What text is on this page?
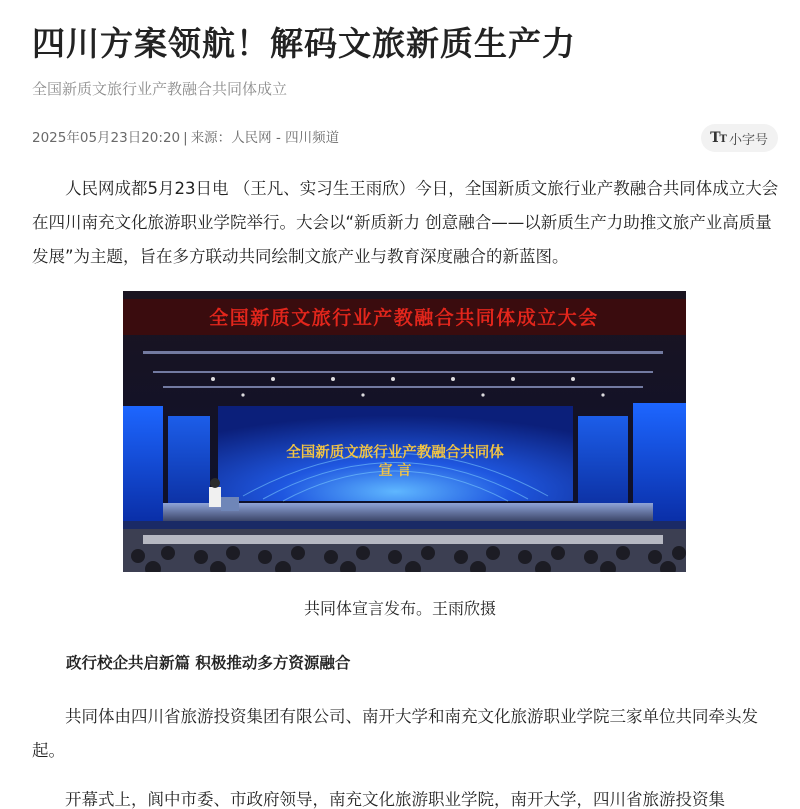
四川方案领航！解码文旅新质生产力
全国新质文旅行业产教融合共同体成立
2025年05月23日20:20 | 来源：人民网 - 四川频道	TT 小字号

人民网成都5月23日电 （王凡、实习生王雨欣）今日，全国新质文旅行业产教融合共同体成立大会在四川南充文化旅游职业学院举行。大会以“新质新力 创意融合——以新质生产力助推文旅产业高质量发展”为主题，旨在多方联动共同绘制文旅产业与教育深度融合的新蓝图。

全国新质文旅行业产教融合共同体成立大会
全国新质文旅行业产教融合共同体
宣 言
共同体宣言发布。王雨欣摄
政行校企共启新篇 积极推动多方资源融合

共同体由四川省旅游投资集团有限公司、南开大学和南充文化旅游职业学院三家单位共同牵头发起。

开幕式上，阆中市委、市政府领导，南充文化旅游职业学院，南开大学，四川省旅游投资集
